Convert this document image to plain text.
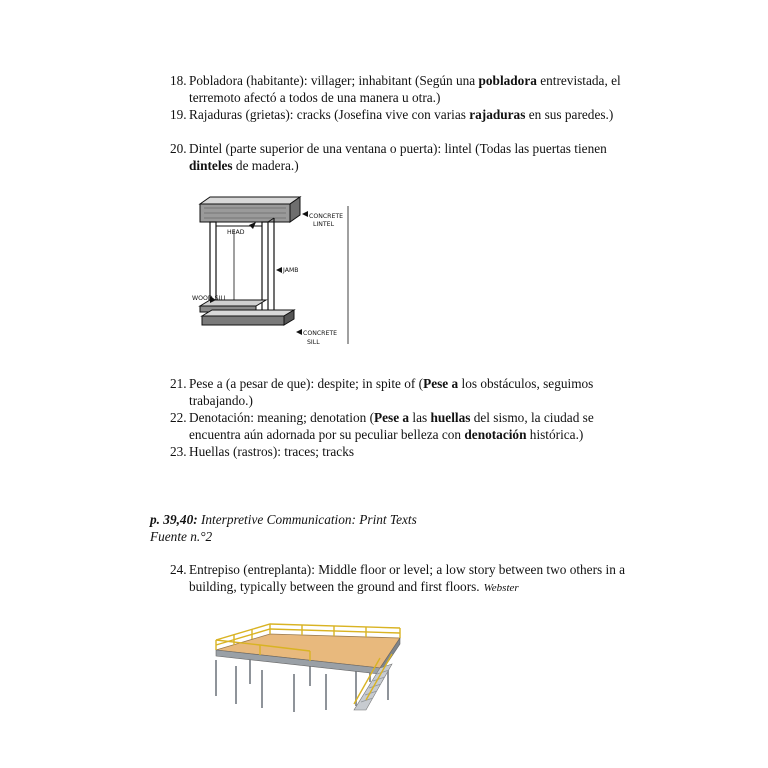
18. Pobladora (habitante): villager; inhabitant (Según una pobladora entrevistada, el terremoto afectó a todos de una manera u otra.)
19. Rajaduras (grietas): cracks (Josefina vive con varias rajaduras en sus paredes.)
20. Dintel (parte superior de una ventana o puerta): lintel (Todas las puertas tienen dinteles de madera.)
CONCRETE
LINTEL
HEAD
JAMB
WOOD SILL
CONCRETE
SILL
21. Pese a (a pesar de que): despite; in spite of (Pese a los obstáculos, seguimos trabajando.)
22. Denotación: meaning; denotation (Pese a las huellas del sismo, la ciudad se encuentra aún adornada por su peculiar belleza con denotación histórica.)
23. Huellas (rastros): traces; tracks
p. 39,40: Interpretive Communication: Print Texts
Fuente n.°2
24. Entrepiso (entreplanta): Middle floor or level; a low story between two others in a building, typically between the ground and first floors. Webster
